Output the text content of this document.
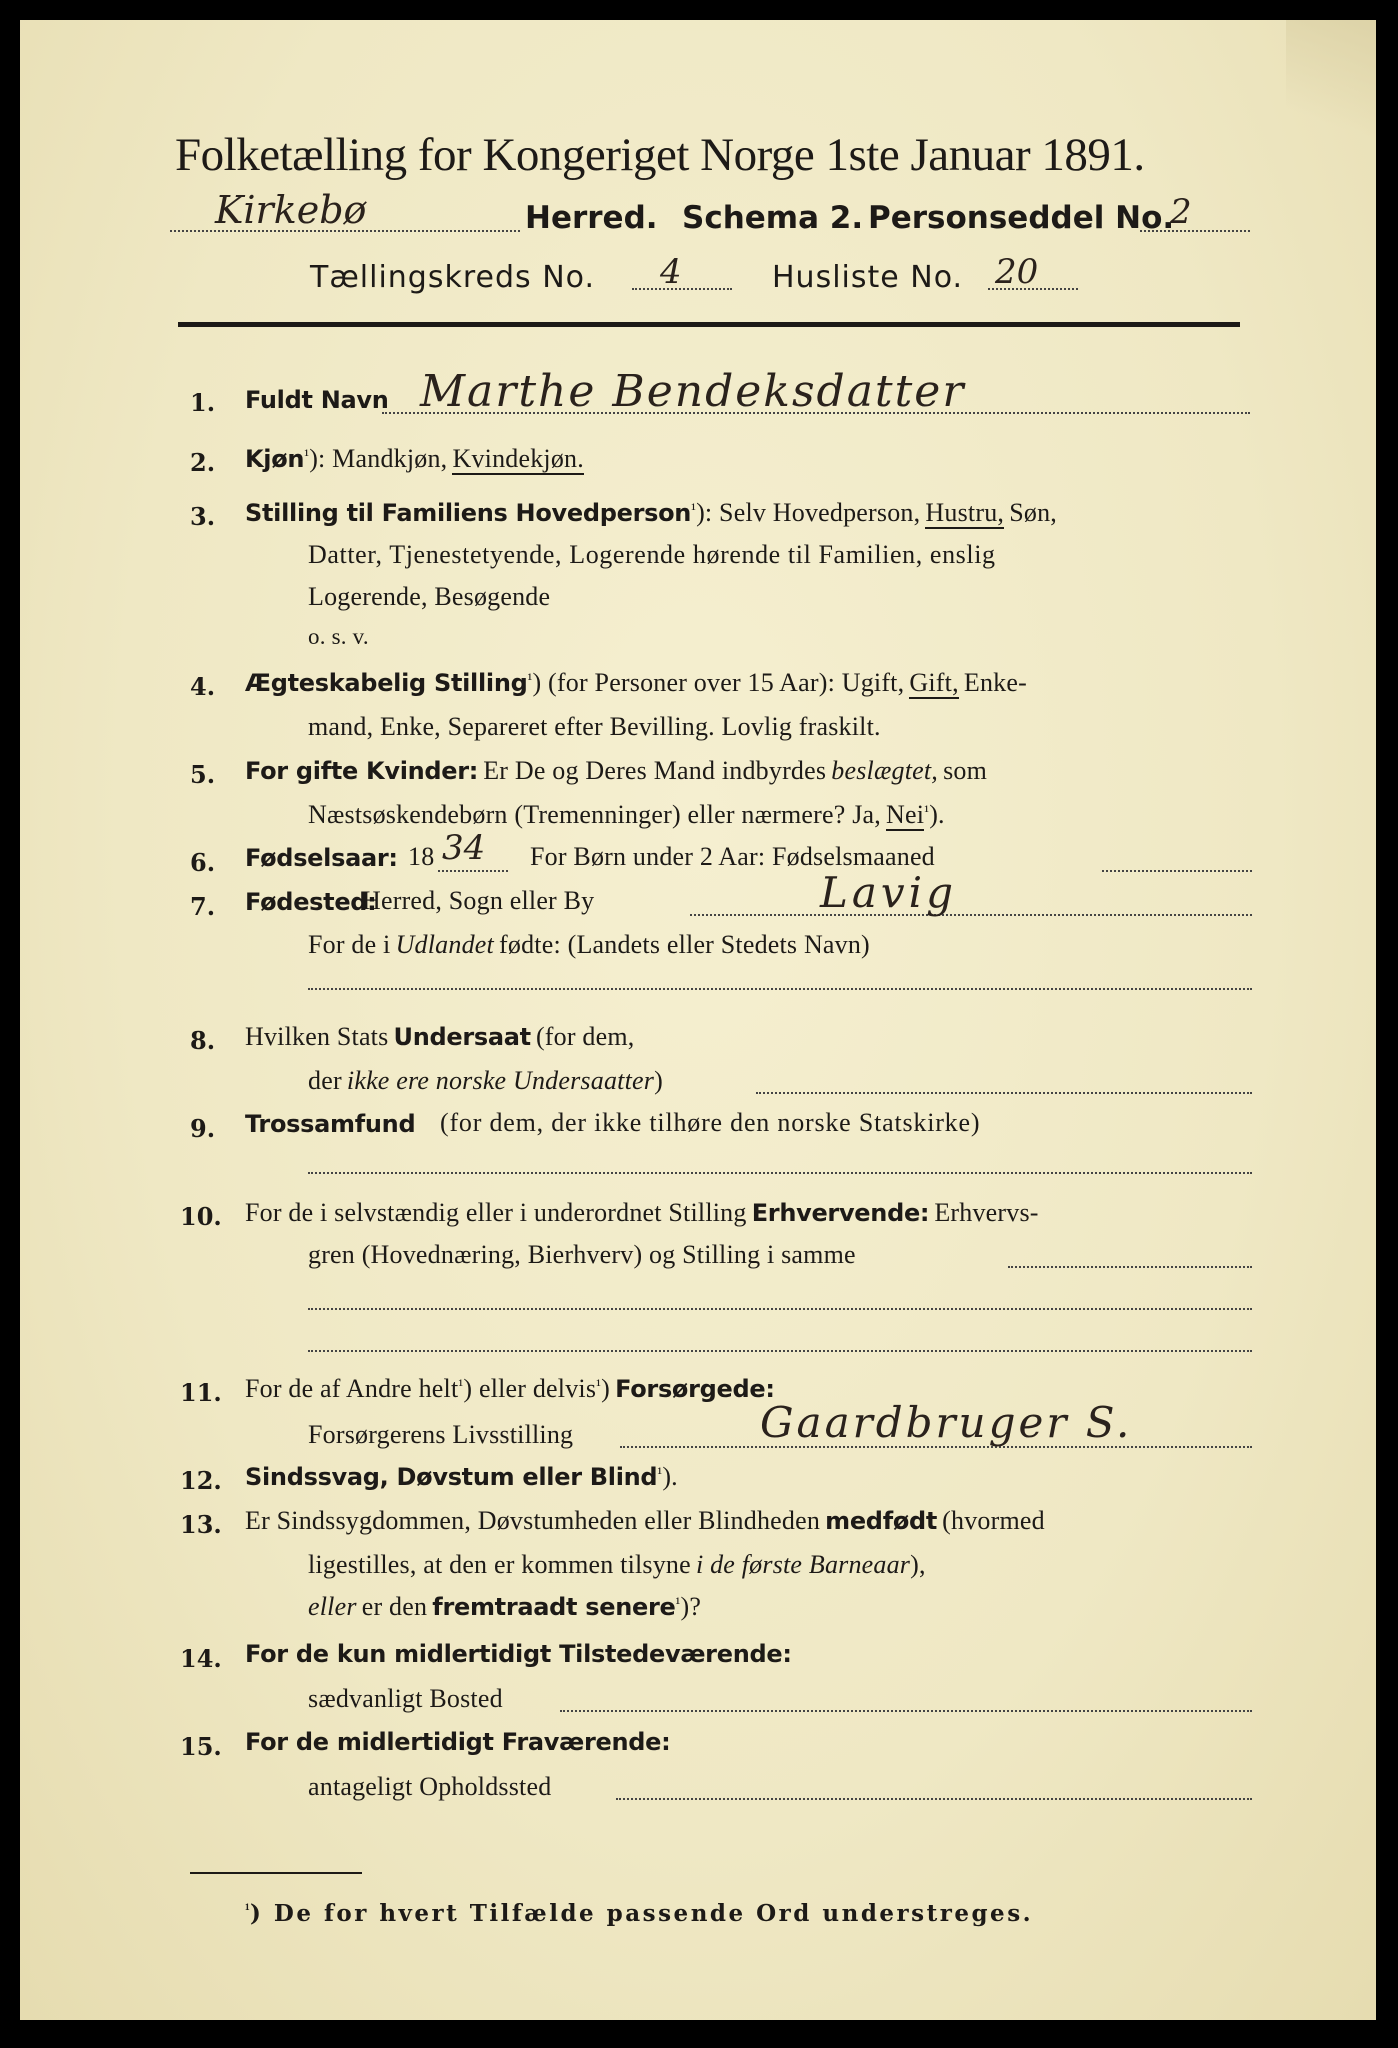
Folketælling for Kongeriget Norge 1ste Januar 1891.
Kirkebø	Herred. Schema 2. Personseddel No.
2
Tællingskreds No. 4	Husliste No. 20
1. Fuldt Navn Marthe Bendeksdatter
2. Kjøn$^{^1}$): Mandkjøn, Kvindekjøn.
3. Stilling til Familiens Hovedperson$^{^1}$): Selv Hovedperson, Hustru, Søn,
Datter, Tjenestetyende, Logerende hørende til Familien, enslig
Logerende, Besøgende
o. s. v.
4. Ægteskabelig Stilling$^{^1}$) (for Personer over 15 Aar): Ugift, Gift, Enke-
mand, Enke, Separeret efter Bevilling. Lovlig fraskilt.
5. For gifte Kvinder: Er De og Deres Mand indbyrdes beslægtet, som
Næstsøskendebørn (Tremenninger) eller nærmere? Ja, Nei$^{^1}$).
6. Fødselsaar: 18 34 For Børn under 2 Aar: Fødselsmaaned
7. Fødested:
Herred, Sogn eller By	Lavig
For de i Udlandet fødte: (Landets eller Stedets Navn)
8. Hvilken Stats Undersaat (for dem,
der ikke ere norske Undersaatter)
9. Trossamfund (for dem, der ikke tilhøre den norske Statskirke)
10. For de i selvstændig eller i underordnet Stilling Erhvervende: Erhvervs-
gren (Hovednæring, Bierhverv) og Stilling i samme
11. For de af Andre helt$^{^1}$) eller delvis$^{^1}$) Forsørgede:
Forsørgerens Livsstilling	Gaardbruger S.
12. Sindssvag, Døvstum eller Blind$^{^1}$).
13. Er Sindssygdommen, Døvstumheden eller Blindheden medfødt (hvormed
ligestilles, at den er kommen tilsyne i de første Barneaar),
eller er den fremtraadt senere$^{^1}$)?
14. For de kun midlertidigt Tilstedeværende:
sædvanligt Bosted
15. For de midlertidigt Fraværende:
antageligt Opholdssted
$^{^1}$) De for hvert Tilfælde passende Ord understreges.
